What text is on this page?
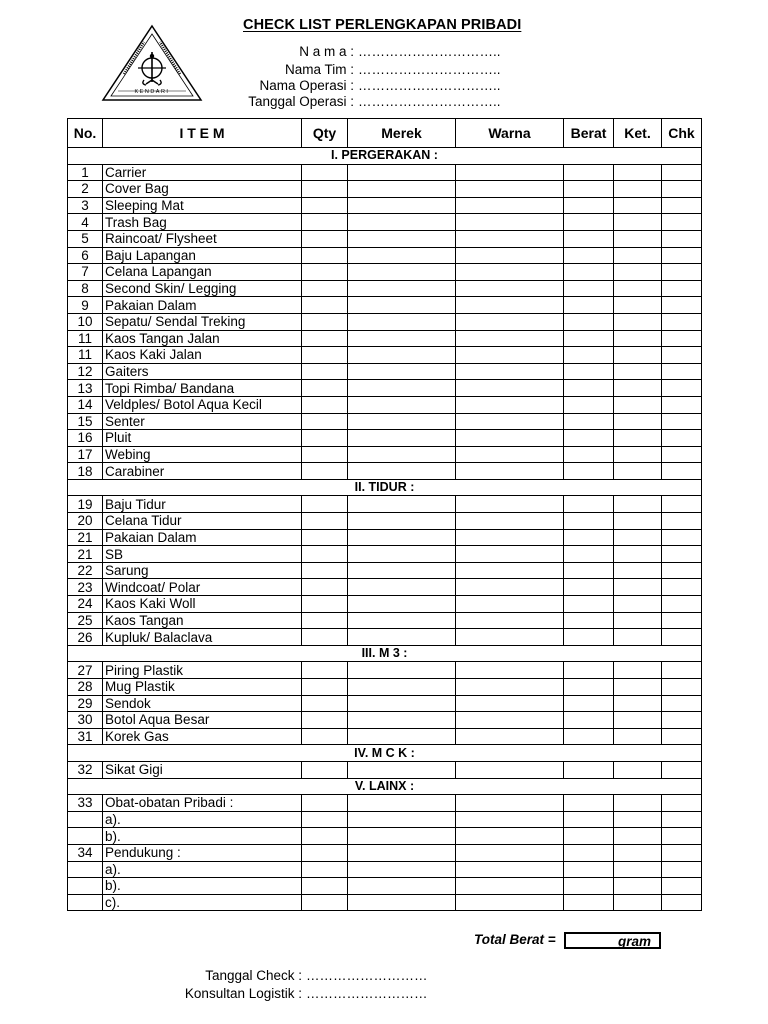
KENDARI
CHECK LIST PERLENGKAPAN PRIBADI
N a m a : …………………………..
Nama Tim : …………………………..
Nama Operasi : …………………………..
Tanggal Operasi : …………………………..
No.	I T E M	Qty	Merek	Warna	Berat	Ket.	Chk
I. PERGERAKAN :							
1	Carrier						
2	Cover Bag						
3	Sleeping Mat						
4	Trash Bag						
5	Raincoat/ Flysheet						
6	Baju Lapangan						
7	Celana Lapangan						
8	Second Skin/ Legging						
9	Pakaian Dalam						
10	Sepatu/ Sendal Treking						
11	Kaos Tangan Jalan						
11	Kaos Kaki Jalan						
12	Gaiters						
13	Topi Rimba/ Bandana						
14	Veldples/ Botol Aqua Kecil						
15	Senter						
16	Pluit						
17	Webing						
18	Carabiner						
II. TIDUR :							
19	Baju Tidur						
20	Celana Tidur						
21	Pakaian Dalam						
21	SB						
22	Sarung						
23	Windcoat/ Polar						
24	Kaos Kaki Woll						
25	Kaos Tangan						
26	Kupluk/ Balaclava						
III. M 3 :							
27	Piring Plastik						
28	Mug Plastik						
29	Sendok						
30	Botol Aqua Besar						
31	Korek Gas						
IV. M C K :							
32	Sikat Gigi						
V. LAINX :							
33	Obat-obatan Pribadi :						
	a).						
	b).						
34	Pendukung :						
	a).						
	b).						
	c).						
Total Berat =	gram
Tanggal Check : ………………………
Konsultan Logistik : ………………………
